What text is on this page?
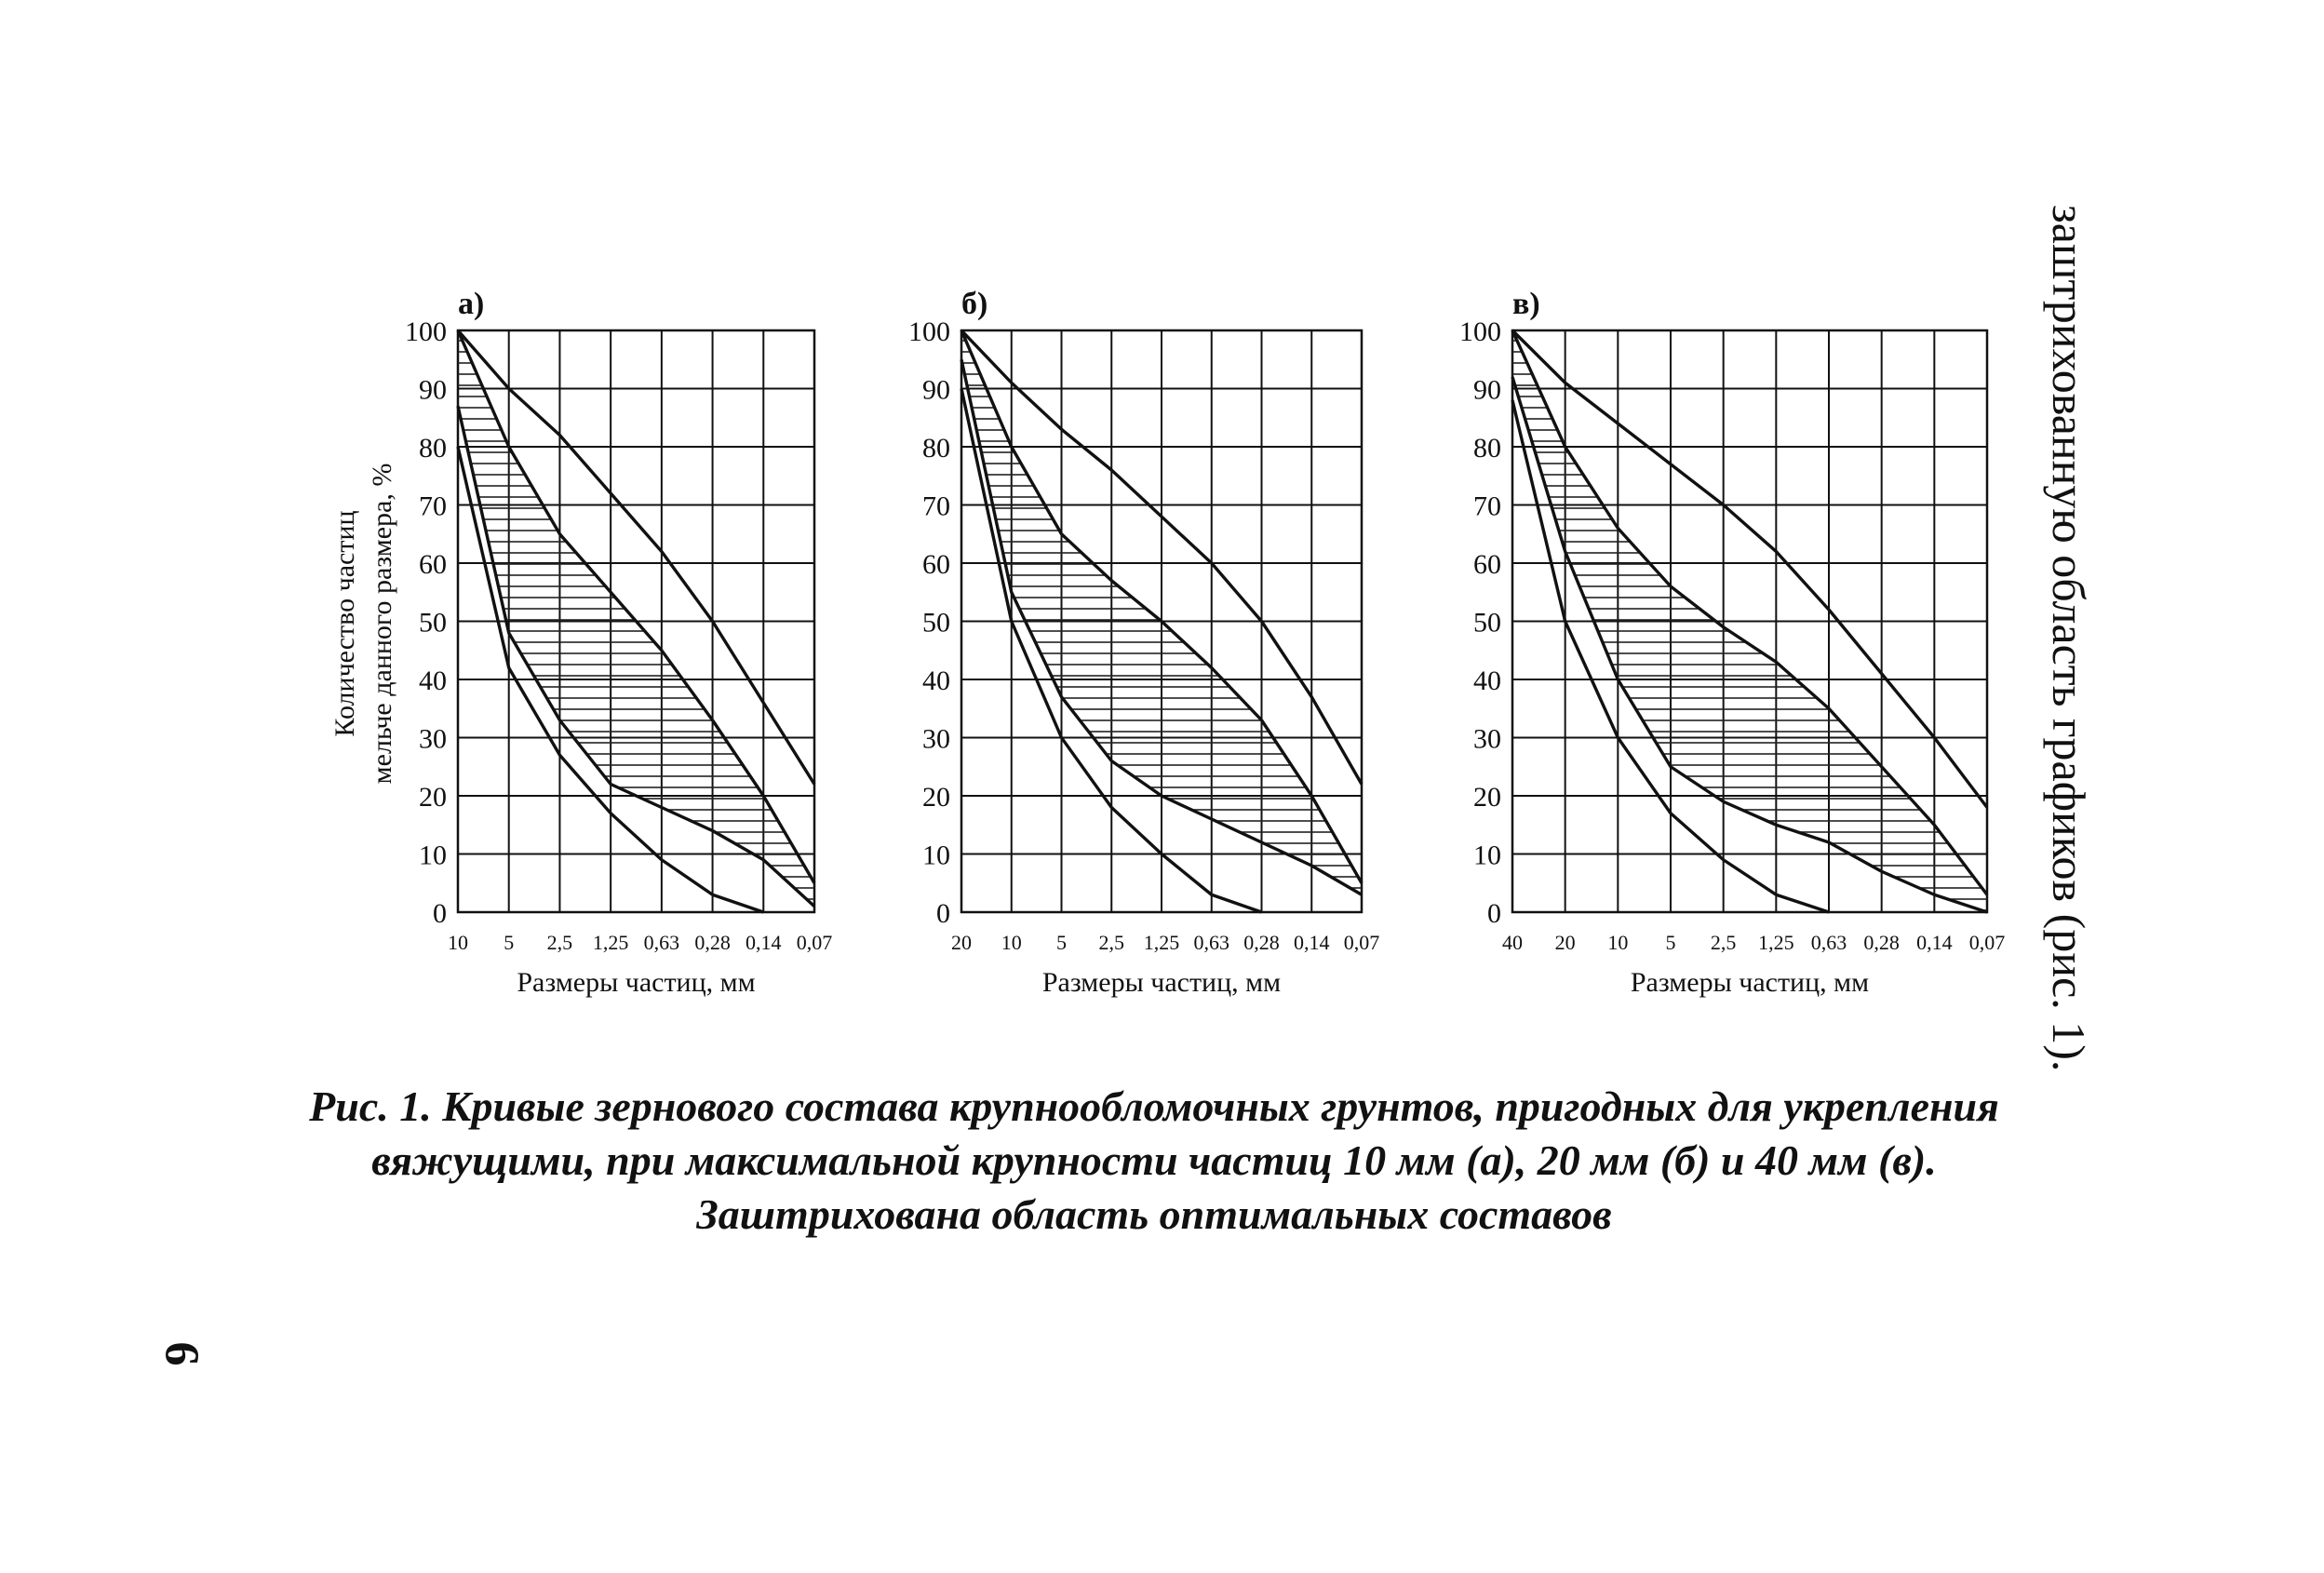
Количество частиц мельче данного размера, %
0
10
20
30
40
50
60
70
80
90
100
10 5 2,5 1,25 0,63 0,28 0,14 0,07
а)
Размеры частиц, мм
0
10
20
30
40
50
60
70
80
90
100
20 10 5 2,5 1,25 0,63 0,28 0,14 0,07
б)
Размеры частиц, мм
0
10
20
30
40
50
60
70
80
90
100
40 20 10 5 2,5 1,25 0,63 0,28 0,14 0,07
в)
Размеры частиц, мм	заштрихованную область графиков (рис. 1).

Рис. 1. Кривые зернового состава крупнообломочных грунтов, пригодных для укрепления вяжущими, при максимальной крупности частиц 10 мм (а), 20 мм (б) и 40 мм (в). Заштрихована область оптимальных составов

6
